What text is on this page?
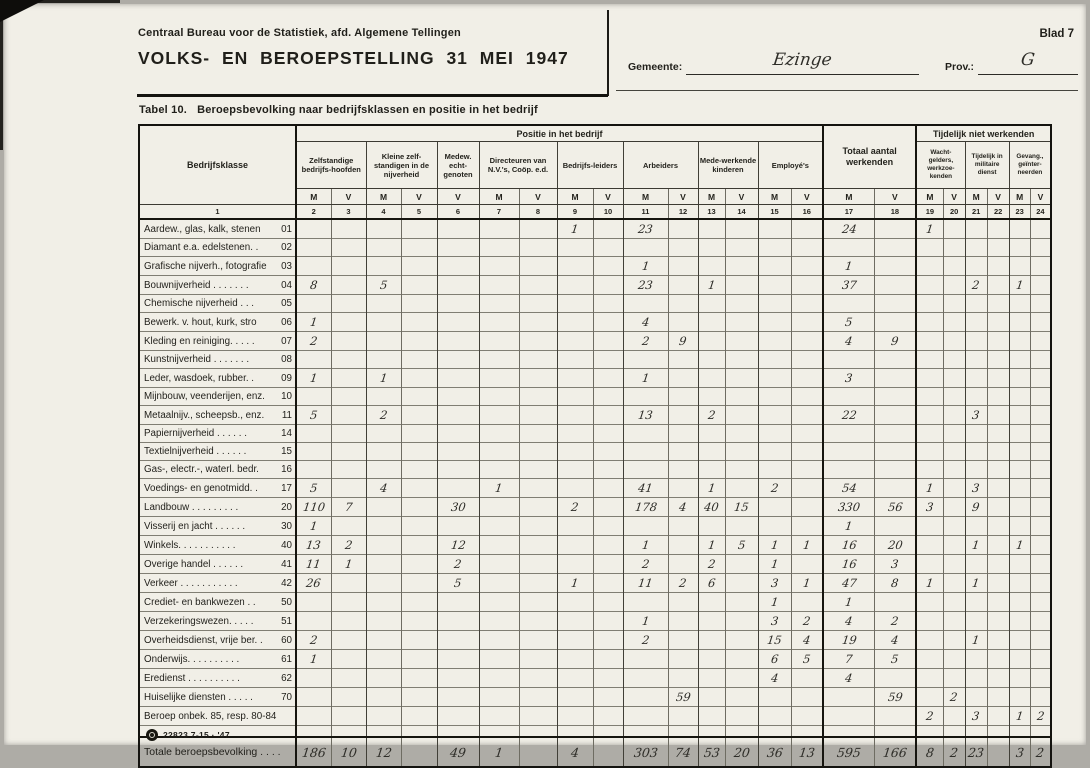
Centraal Bureau voor de Statistiek, afd. Algemene Tellingen
VOLKS- EN BEROEPSTELLING 31 MEI 1947
Blad 7
Gemeente:	Ezinge	Prov.:	G
Tabel 10. Beroepsbevolking naar bedrijfsklassen en positie in het bedrijf
Bedrijfsklasse	Positie in het bedrijf															Totaal aantal werkenden		Tijdelijk niet werkenden					
	Zelfstandige bedrijfs-hoofden		Kleine zelf-standigen in de nijverheid		Medew. echt-genoten	Directeuren van N.V.'s, Coöp. e.d.		Bedrijfs-leiders		Arbeiders		Mede-werkende kinderen		Employé's				Wacht-gelders, werkzoe-kenden		Tijdelijk in militaire dienst		Gevang., geïnter-neerden	
	M	V	M	V	V	M	V	M	V	M	V	M	V	M	V	M	V	M	V	M	V	M	V
1	2	3	4	5	6	7	8	9	10	11	12	13	14	15	16	17	18	19	20	21	22	23	24

Aardew., glas, kalk, stenen 01								1		23						24		1					

Diamant e.a. edelstenen. . 02																							

Grafische nijverh., fotografie 03										1						1							

Bouwnijverheid . . . . . . . 04	8		5							23		1				37				2		1	

Chemische nijverheid . . . 05																							

Bewerk. v. hout, kurk, stro 06	1									4						5							

Kleding en reiniging. . . . . 07	2									2	9					4	9						

Kunstnijverheid . . . . . . . 08																							

Leder, wasdoek, rubber. . 09	1		1							1						3							

Mijnbouw, veenderijen, enz. 10																							

Metaalnijv., scheepsb., enz. 11	5		2							13		2				22				3			

Papiernijverheid . . . . . . 14																							

Textielnijverheid . . . . . . 15																							

Gas-, electr.-, waterl. bedr. 16																							

Voedings- en genotmidd. . 17	5		4			1				41		1		2		54		1		3			

Landbouw . . . . . . . . . 20	110	7			30			2		178	4	40	15			330	56	3		9			

Visserij en jacht . . . . . . 30	1															1							

Winkels. . . . . . . . . . . 40	13	2			12					1		1	5	1	1	16	20			1		1	

Overige handel . . . . . . 41	11	1			2					2		2		1		16	3						

Verkeer . . . . . . . . . . . 42	26				5			1		11	2	6		3	1	47	8	1		1			

Crediet- en bankwezen . . 50														1		1							

Verzekeringswezen. . . . . 51										1				3	2	4	2						

Overheidsdienst, vrije ber. . 60	2									2				15	4	19	4			1			

Onderwijs. . . . . . . . . . 61	1													6	5	7	5						

Eredienst . . . . . . . . . . 62														4		4							

Huiselijke diensten . . . . . 70											59						59		2				

Beroep onbek. 85, resp. 80-84																		2		3		1	2

Totale beroepsbevolking . . . .	186	10	12		49	1		4		303	74	53	20	36	13	595	166	8	2	23		3	2
22823 7-15 · '47
